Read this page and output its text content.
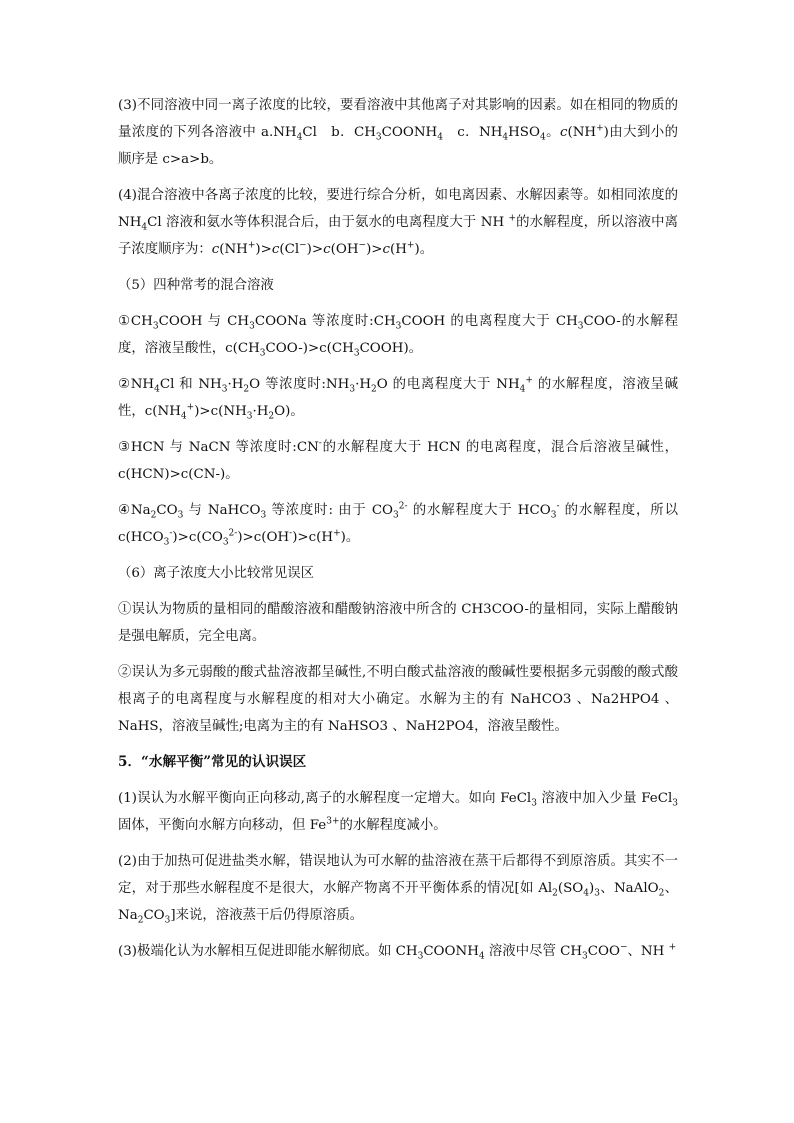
(3)不同溶液中同一离子浓度的比较，要看溶液中其他离子对其影响的因素。如在相同的物质的量浓度的下列各溶液中 $a.NH_4Cl$　b．$CH_3COONH_4$　c．$NH_4HSO_4$。c(NH+)由大到小的顺序是 c>a>b。

(4)混合溶液中各离子浓度的比较，要进行综合分析，如电离因素、水解因素等。如相同浓度的 $NH_4Cl$ 溶液和氨水等体积混合后，由于氨水的电离程度大于 NH +的水解程度，所以溶液中离子浓度顺序为：c(NH+)>c(Cl−)>c(OH−)>c(H+)。

（5）四种常考的混合溶液

$①CH_3COOH$ 与 $CH_3COONa$ 等浓度时$:CH_3COOH$ 的电离程度大于 $CH_3COO-$的水解程度，溶液呈酸性，$c(CH_3COO-)>c(CH_3COOH)$。

$②NH_4Cl$ 和 $NH_3\cdot H_2O$ 等浓度时$:NH_3\cdot H_2O$ 的电离程度大于 $NH_4^+$ 的水解程度，溶液呈碱性，$c(NH_4^+)>c(NH_3\cdot H_2O)$。

③HCN 与 NaCN 等浓度时:CN-的水解程度大于 HCN 的电离程度，混合后溶液呈碱性，c(HCN)>c(CN-)。

$④Na_2CO_3$ 与 NaHCO$_3$ 等浓度时: 由于 $CO_3^{2-}$ 的水解程度大于 $HCO_3^-$ 的水解程度，所以 $c(HCO_3^-)>c(CO_3^{2-})>c(OH^-)>c(H^+)$。

（6）离子浓度大小比较常见误区

①误认为物质的量相同的醋酸溶液和醋酸钠溶液中所含的 CH3COO-的量相同，实际上醋酸钠是强电解质，完全电离。

②误认为多元弱酸的酸式盐溶液都呈碱性,不明白酸式盐溶液的酸碱性要根据多元弱酸的酸式酸根离子的电离程度与水解程度的相对大小确定。水解为主的有 NaHCO3 、Na2HPO4 、NaHS，溶液呈碱性;电离为主的有 NaHSO3 、NaH2PO4，溶液呈酸性。

5．“水解平衡”常见的认识误区

(1)误认为水解平衡向正向移动,离子的水解程度一定增大。如向 FeCl$_3$ 溶液中加入少量 FeCl$_3$ 固体，平衡向水解方向移动，但 $Fe^{3+}$的水解程度减小。

(2)由于加热可促进盐类水解，错误地认为可水解的盐溶液在蒸干后都得不到原溶质。其实不一定，对于那些水解程度不是很大，水解产物离不开平衡体系的情况[如 $Al_2(SO_4)_3$、NaAlO$_2$、$Na_2CO_3$]来说，溶液蒸干后仍得原溶质。

(3)极端化认为水解相互促进即能水解彻底。如 $CH_3COONH_4$ 溶液中尽管 $CH_3COO^-$、NH +
